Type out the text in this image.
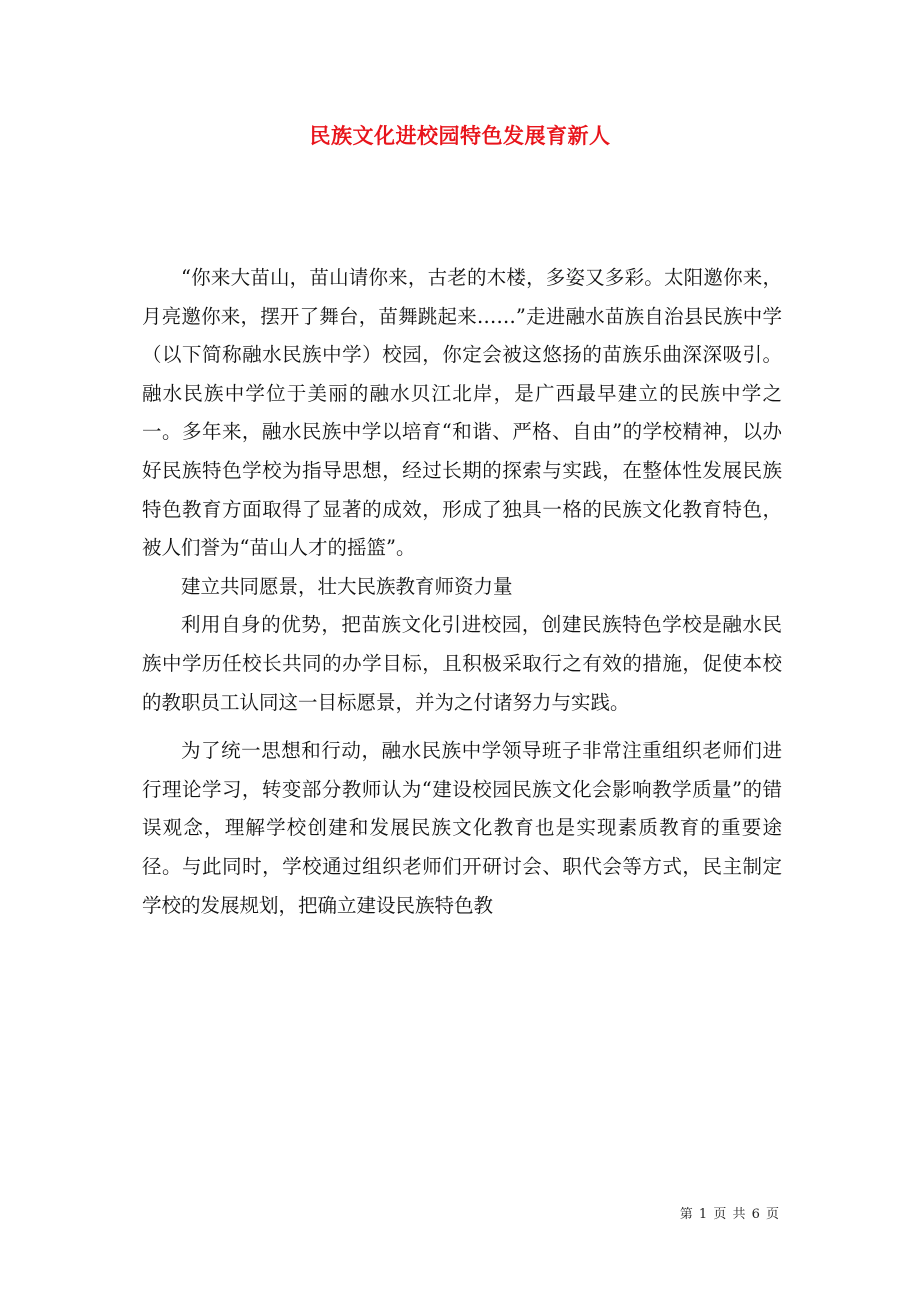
民族文化进校园特色发展育新人

“你来大苗山，苗山请你来，古老的木楼，多姿又多彩。太阳邀你来，月亮邀你来，摆开了舞台，苗舞跳起来……”走进融水苗族自治县民族中学（以下简称融水民族中学）校园，你定会被这悠扬的苗族乐曲深深吸引。融水民族中学位于美丽的融水贝江北岸，是广西最早建立的民族中学之一。多年来，融水民族中学以培育“和谐、严格、自由”的学校精神，以办好民族特色学校为指导思想，经过长期的探索与实践，在整体性发展民族特色教育方面取得了显著的成效，形成了独具一格的民族文化教育特色，被人们誉为“苗山人才的摇篮”。

建立共同愿景，壮大民族教育师资力量

利用自身的优势，把苗族文化引进校园，创建民族特色学校是融水民族中学历任校长共同的办学目标，且积极采取行之有效的措施，促使本校的教职员工认同这一目标愿景，并为之付诸努力与实践。

为了统一思想和行动，融水民族中学领导班子非常注重组织老师们进行理论学习，转变部分教师认为“建设校园民族文化会影响教学质量”的错误观念，理解学校创建和发展民族文化教育也是实现素质教育的重要途径。与此同时，学校通过组织老师们开研讨会、职代会等方式，民主制定学校的发展规划，把确立建设民族特色教

第 1 页 共 6 页
